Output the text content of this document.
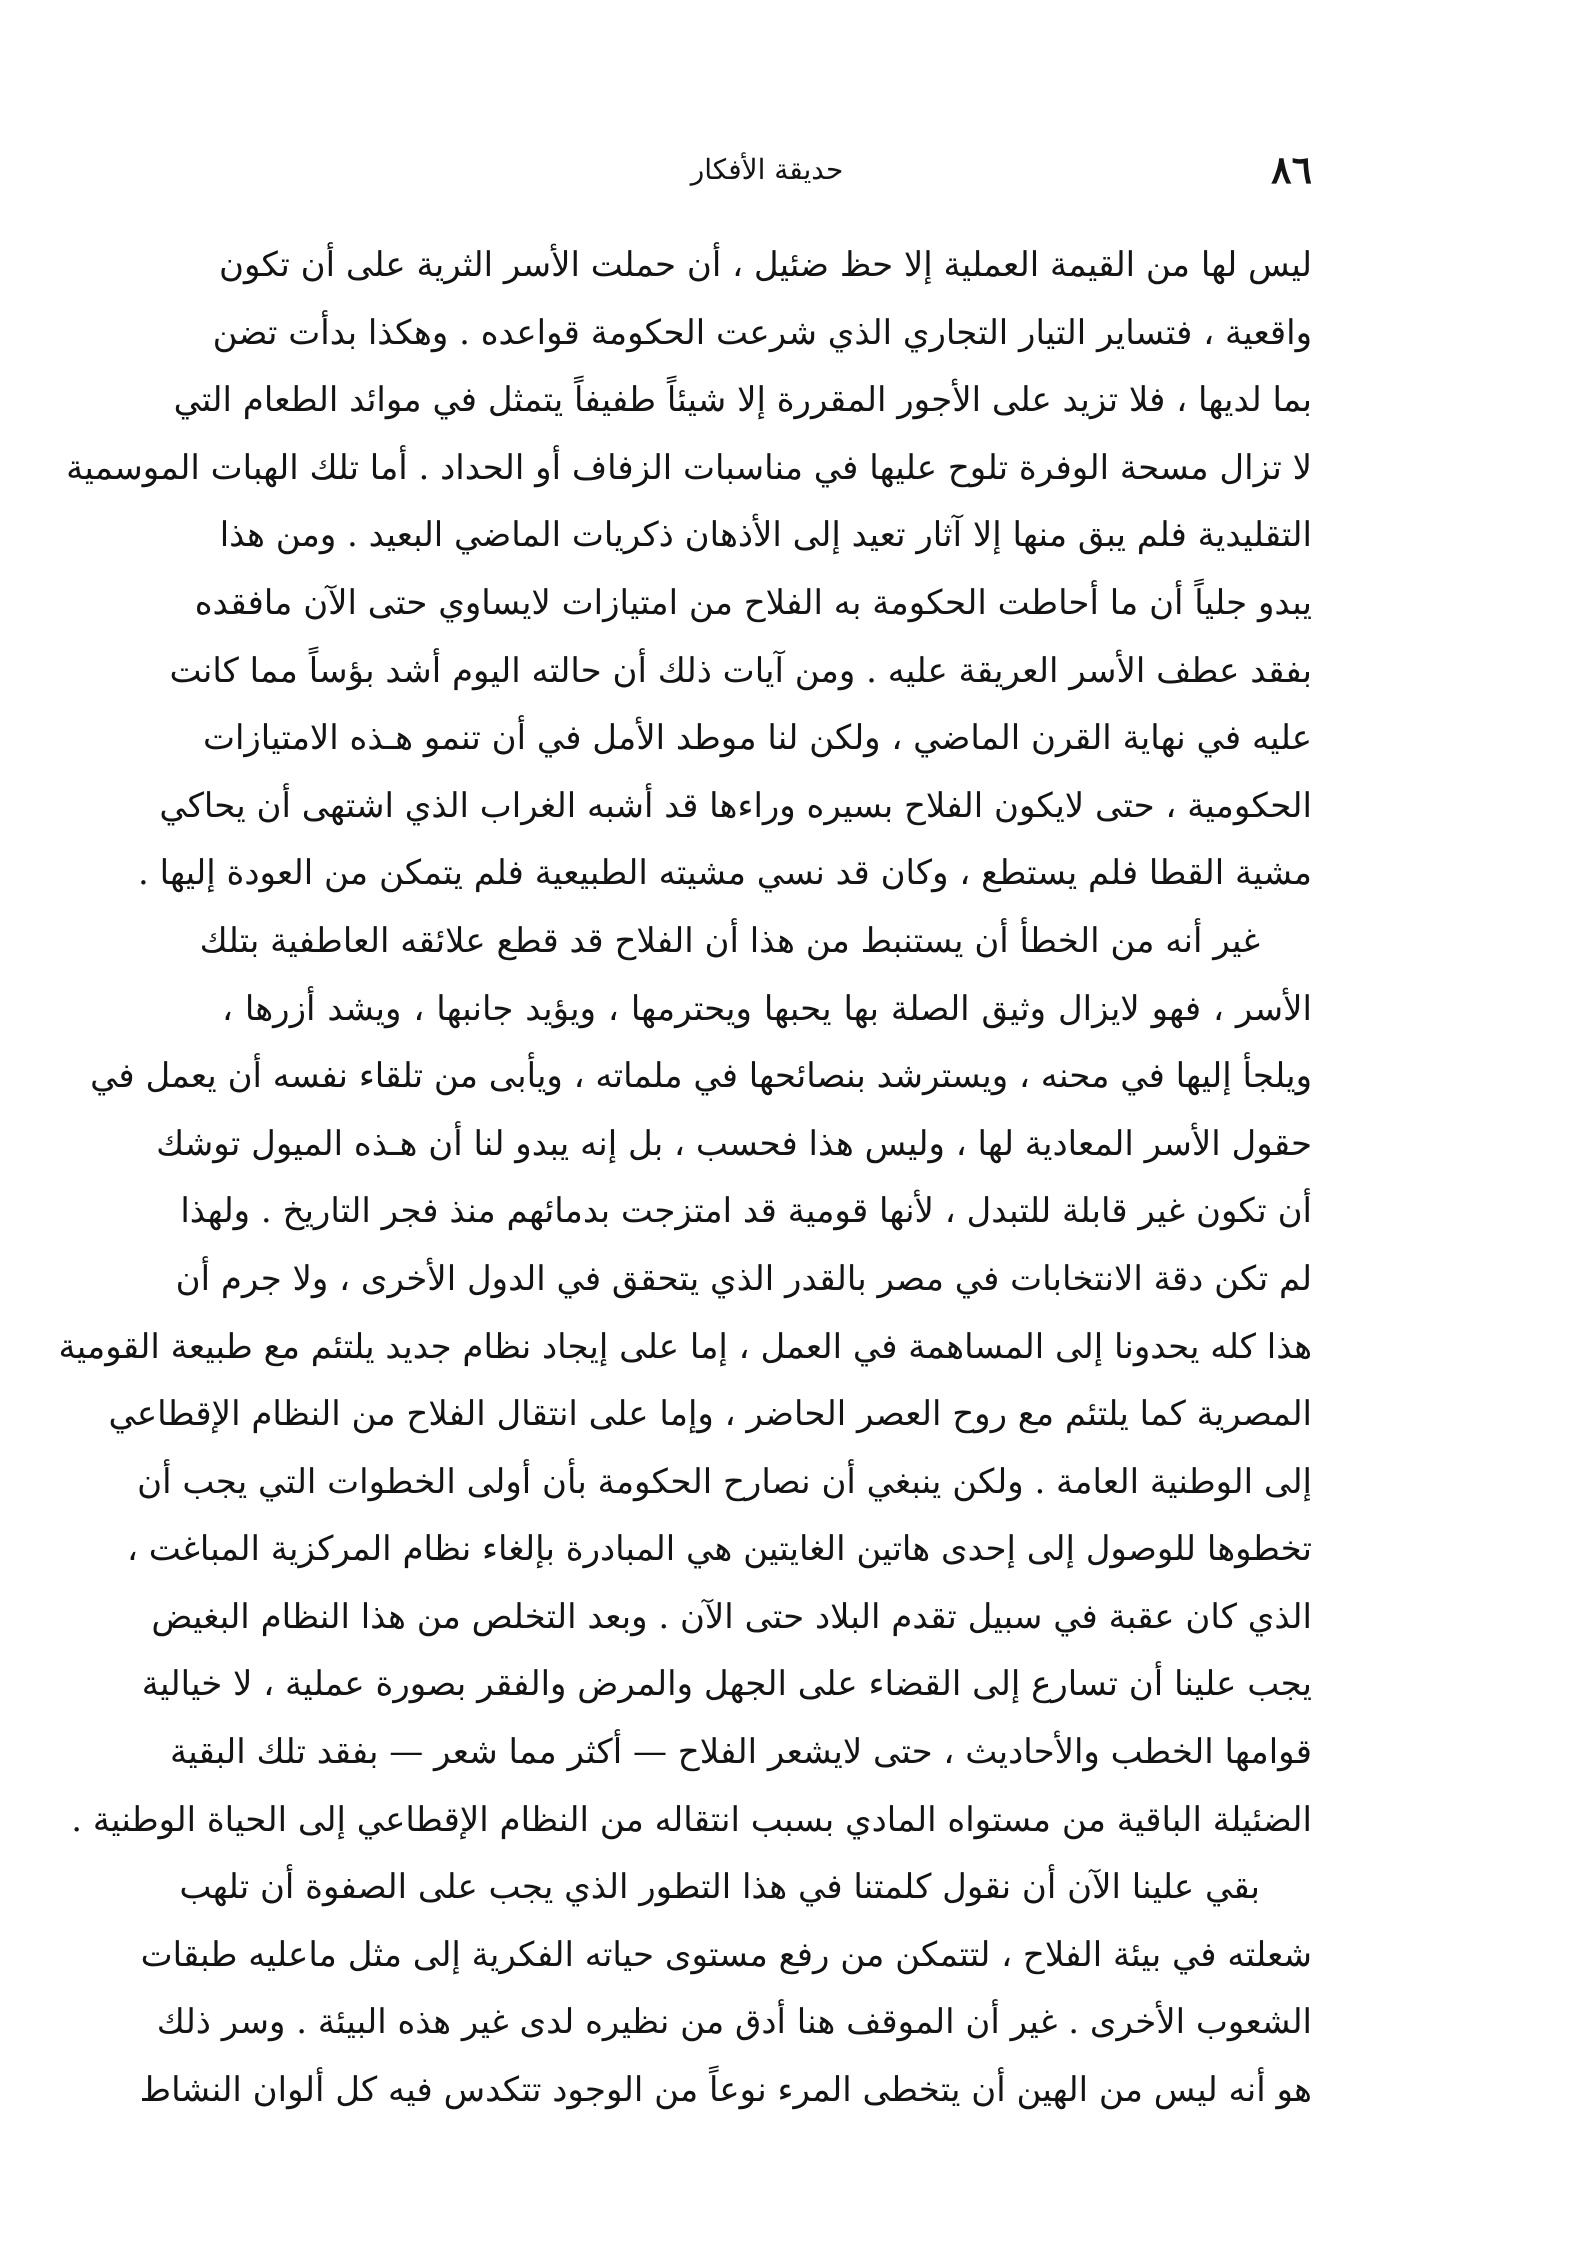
٨٦
حديقة الأفكار
ليس لها من القيمة العملية إلا حظ ضئيل ، أن حملت الأسر الثرية على أن تكون
واقعية ، فتساير التيار التجاري الذي شرعت الحكومة قواعده . وهكذا بدأت تضن
بما لديها ، فلا تزيد على الأجور المقررة إلا شيئاً طفيفاً يتمثل في موائد الطعام التي
لا تزال مسحة الوفرة تلوح عليها في مناسبات الزفاف أو الحداد . أما تلك الهبات الموسمية
التقليدية فلم يبق منها إلا آثار تعيد إلى الأذهان ذكريات الماضي البعيد . ومن هذا
يبدو جلياً أن ما أحاطت الحكومة به الفلاح من امتيازات لايساوي حتى الآن مافقده
بفقد عطف الأسر العريقة عليه . ومن آيات ذلك أن حالته اليوم أشد بؤساً مما كانت
عليه في نهاية القرن الماضي ، ولكن لنا موطد الأمل في أن تنمو هـذه الامتيازات
الحكومية ، حتى لايكون الفلاح بسيره وراءها قد أشبه الغراب الذي اشتهى أن يحاكي
مشية القطا فلم يستطع ، وكان قد نسي مشيته الطبيعية فلم يتمكن من العودة إليها .
غير أنه من الخطأ أن يستنبط من هذا أن الفلاح قد قطع علائقه العاطفية بتلك
الأسر ، فهو لايزال وثيق الصلة بها يحبها ويحترمها ، ويؤيد جانبها ، ويشد أزرها ،
ويلجأ إليها في محنه ، ويسترشد بنصائحها في ملماته ، ويأبى من تلقاء نفسه أن يعمل في
حقول الأسر المعادية لها ، وليس هذا فحسب ، بل إنه يبدو لنا أن هـذه الميول توشك
أن تكون غير قابلة للتبدل ، لأنها قومية قد امتزجت بدمائهم منذ فجر التاريخ . ولهذا
لم تكن دقة الانتخابات في مصر بالقدر الذي يتحقق في الدول الأخرى ، ولا جرم أن
هذا كله يحدونا إلى المساهمة في العمل ، إما على إيجاد نظام جديد يلتئم مع طبيعة القومية
المصرية كما يلتئم مع روح العصر الحاضر ، وإما على انتقال الفلاح من النظام الإقطاعي
إلى الوطنية العامة . ولكن ينبغي أن نصارح الحكومة بأن أولى الخطوات التي يجب أن
تخطوها للوصول إلى إحدى هاتين الغايتين هي المبادرة بإلغاء نظام المركزية المباغت ،
الذي كان عقبة في سبيل تقدم البلاد حتى الآن . وبعد التخلص من هذا النظام البغيض
يجب علينا أن تسارع إلى القضاء على الجهل والمرض والفقر بصورة عملية ، لا خيالية
قوامها الخطب والأحاديث ، حتى لايشعر الفلاح — أكثر مما شعر — بفقد تلك البقية
الضئيلة الباقية من مستواه المادي بسبب انتقاله من النظام الإقطاعي إلى الحياة الوطنية .
بقي علينا الآن أن نقول كلمتنا في هذا التطور الذي يجب على الصفوة أن تلهب
شعلته في بيئة الفلاح ، لتتمكن من رفع مستوى حياته الفكرية إلى مثل ماعليه طبقات
الشعوب الأخرى . غير أن الموقف هنا أدق من نظيره لدى غير هذه البيئة . وسر ذلك
هو أنه ليس من الهين أن يتخطى المرء نوعاً من الوجود تتكدس فيه كل ألوان النشاط
